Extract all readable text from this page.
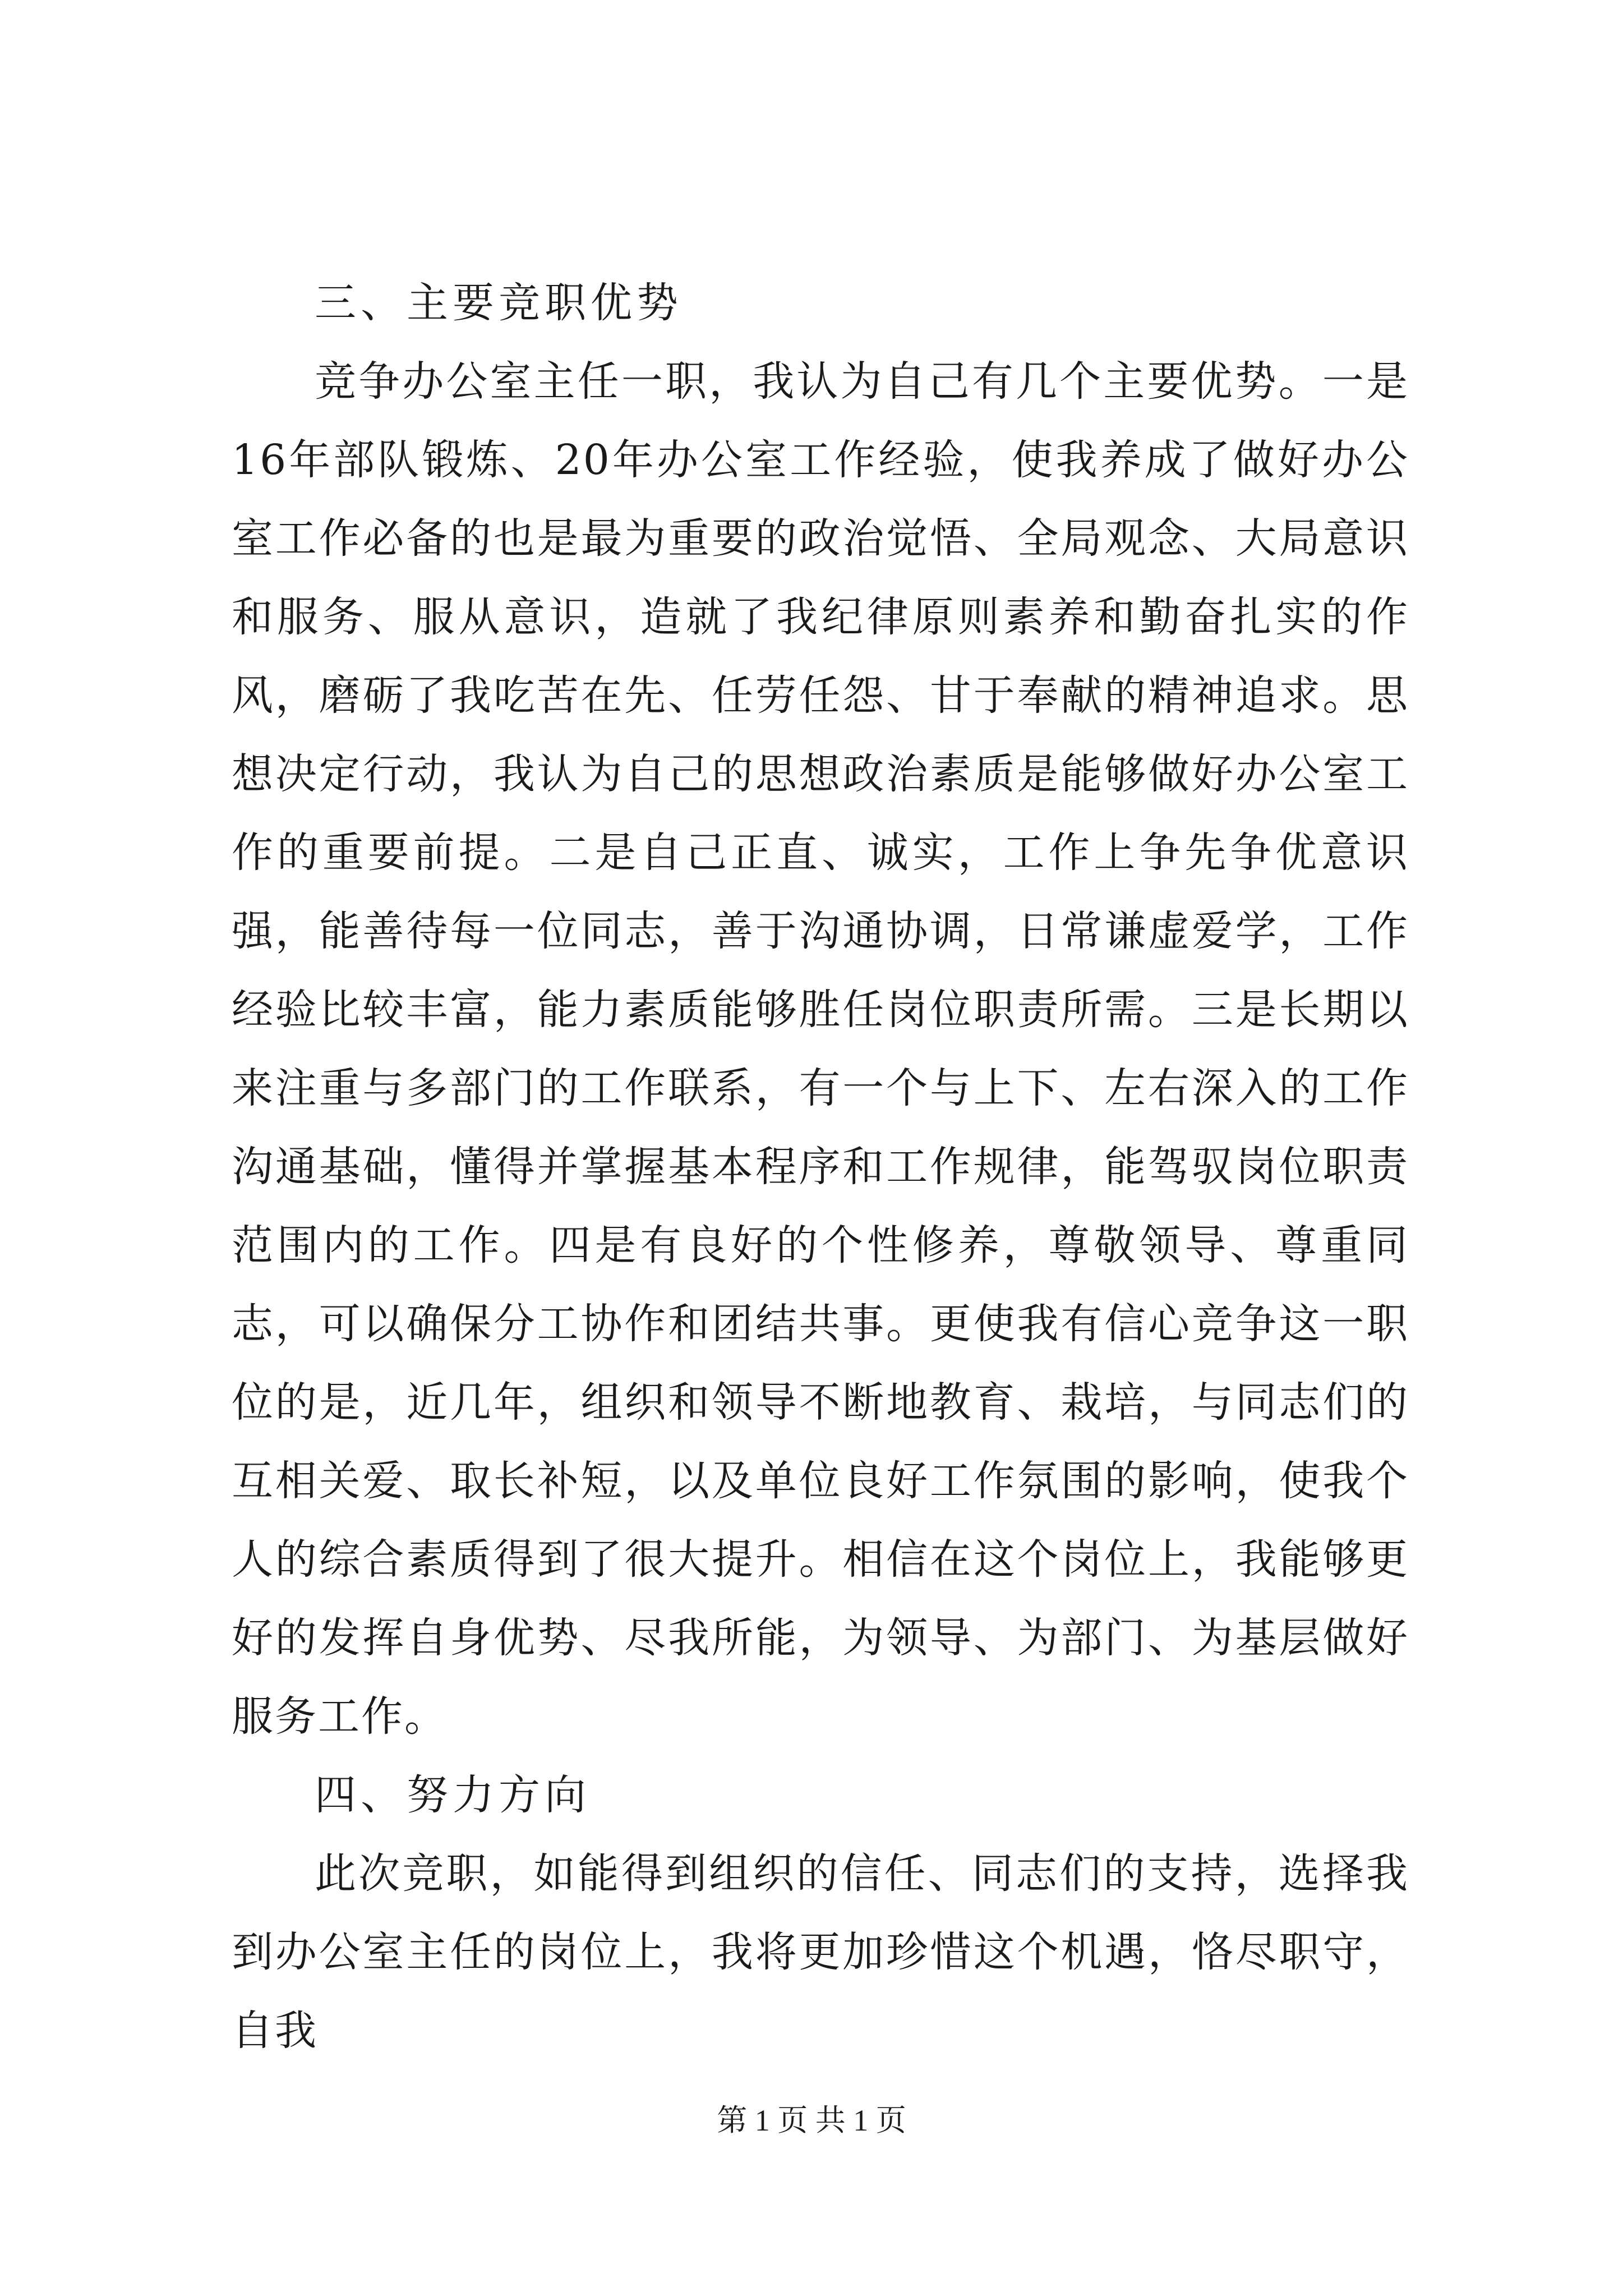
三、主要竞职优势

竞争办公室主任一职，我认为自己有几个主要优势。一是16年部队锻炼、20年办公室工作经验，使我养成了做好办公室工作必备的也是最为重要的政治觉悟、全局观念、大局意识和服务、服从意识，造就了我纪律原则素养和勤奋扎实的作风，磨砺了我吃苦在先、任劳任怨、甘于奉献的精神追求。思想决定行动，我认为自己的思想政治素质是能够做好办公室工作的重要前提。二是自己正直、诚实，工作上争先争优意识强，能善待每一位同志，善于沟通协调，日常谦虚爱学，工作经验比较丰富，能力素质能够胜任岗位职责所需。三是长期以来注重与多部门的工作联系，有一个与上下、左右深入的工作沟通基础，懂得并掌握基本程序和工作规律，能驾驭岗位职责范围内的工作。四是有良好的个性修养，尊敬领导、尊重同志，可以确保分工协作和团结共事。更使我有信心竞争这一职位的是，近几年，组织和领导不断地教育、栽培，与同志们的互相关爱、取长补短，以及单位良好工作氛围的影响，使我个人的综合素质得到了很大提升。相信在这个岗位上，我能够更好的发挥自身优势、尽我所能，为领导、为部门、为基层做好服务工作。

四、努力方向

此次竞职，如能得到组织的信任、同志们的支持，选择我到办公室主任的岗位上，我将更加珍惜这个机遇，恪尽职守，自我

第 1 页 共 1 页
